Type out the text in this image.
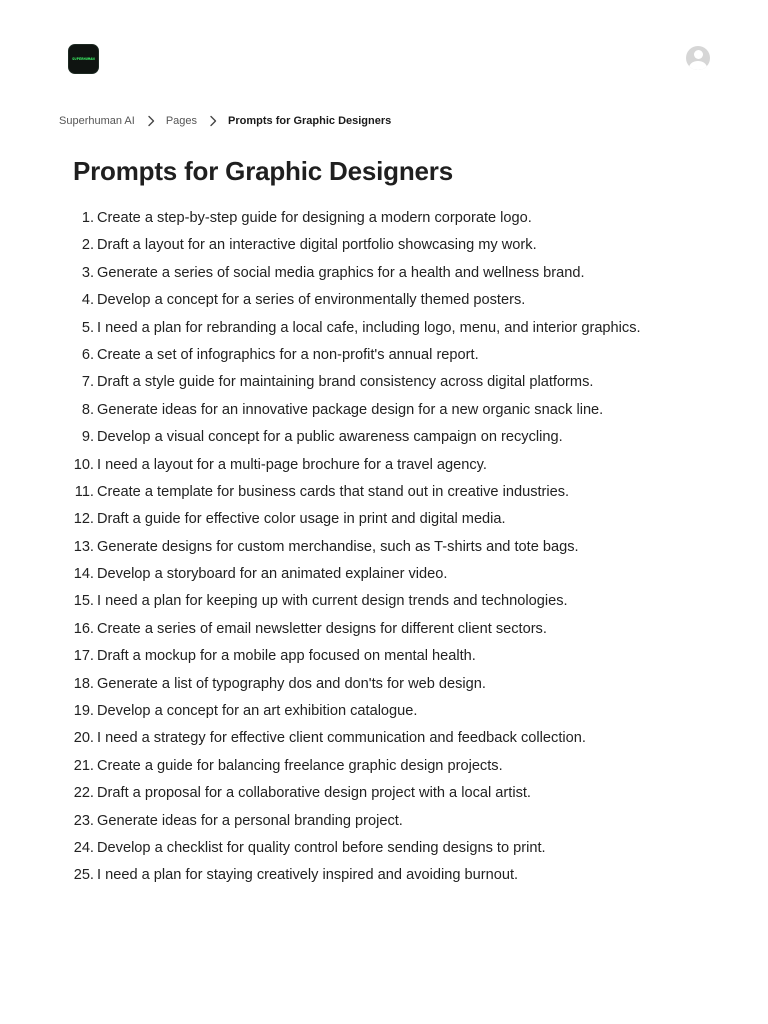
SUPERHUMAN
Superhuman AI	Pages	Prompts for Graphic Designers
Prompts for Graphic Designers
1. Create a step-by-step guide for designing a modern corporate logo.
2. Draft a layout for an interactive digital portfolio showcasing my work.
3. Generate a series of social media graphics for a health and wellness brand.
4. Develop a concept for a series of environmentally themed posters.
5. I need a plan for rebranding a local cafe, including logo, menu, and interior graphics.
6. Create a set of infographics for a non-profit's annual report.
7. Draft a style guide for maintaining brand consistency across digital platforms.
8. Generate ideas for an innovative package design for a new organic snack line.
9. Develop a visual concept for a public awareness campaign on recycling.
10. I need a layout for a multi-page brochure for a travel agency.
11. Create a template for business cards that stand out in creative industries.
12. Draft a guide for effective color usage in print and digital media.
13. Generate designs for custom merchandise, such as T-shirts and tote bags.
14. Develop a storyboard for an animated explainer video.
15. I need a plan for keeping up with current design trends and technologies.
16. Create a series of email newsletter designs for different client sectors.
17. Draft a mockup for a mobile app focused on mental health.
18. Generate a list of typography dos and don'ts for web design.
19. Develop a concept for an art exhibition catalogue.
20. I need a strategy for effective client communication and feedback collection.
21. Create a guide for balancing freelance graphic design projects.
22. Draft a proposal for a collaborative design project with a local artist.
23. Generate ideas for a personal branding project.
24. Develop a checklist for quality control before sending designs to print.
25. I need a plan for staying creatively inspired and avoiding burnout.
